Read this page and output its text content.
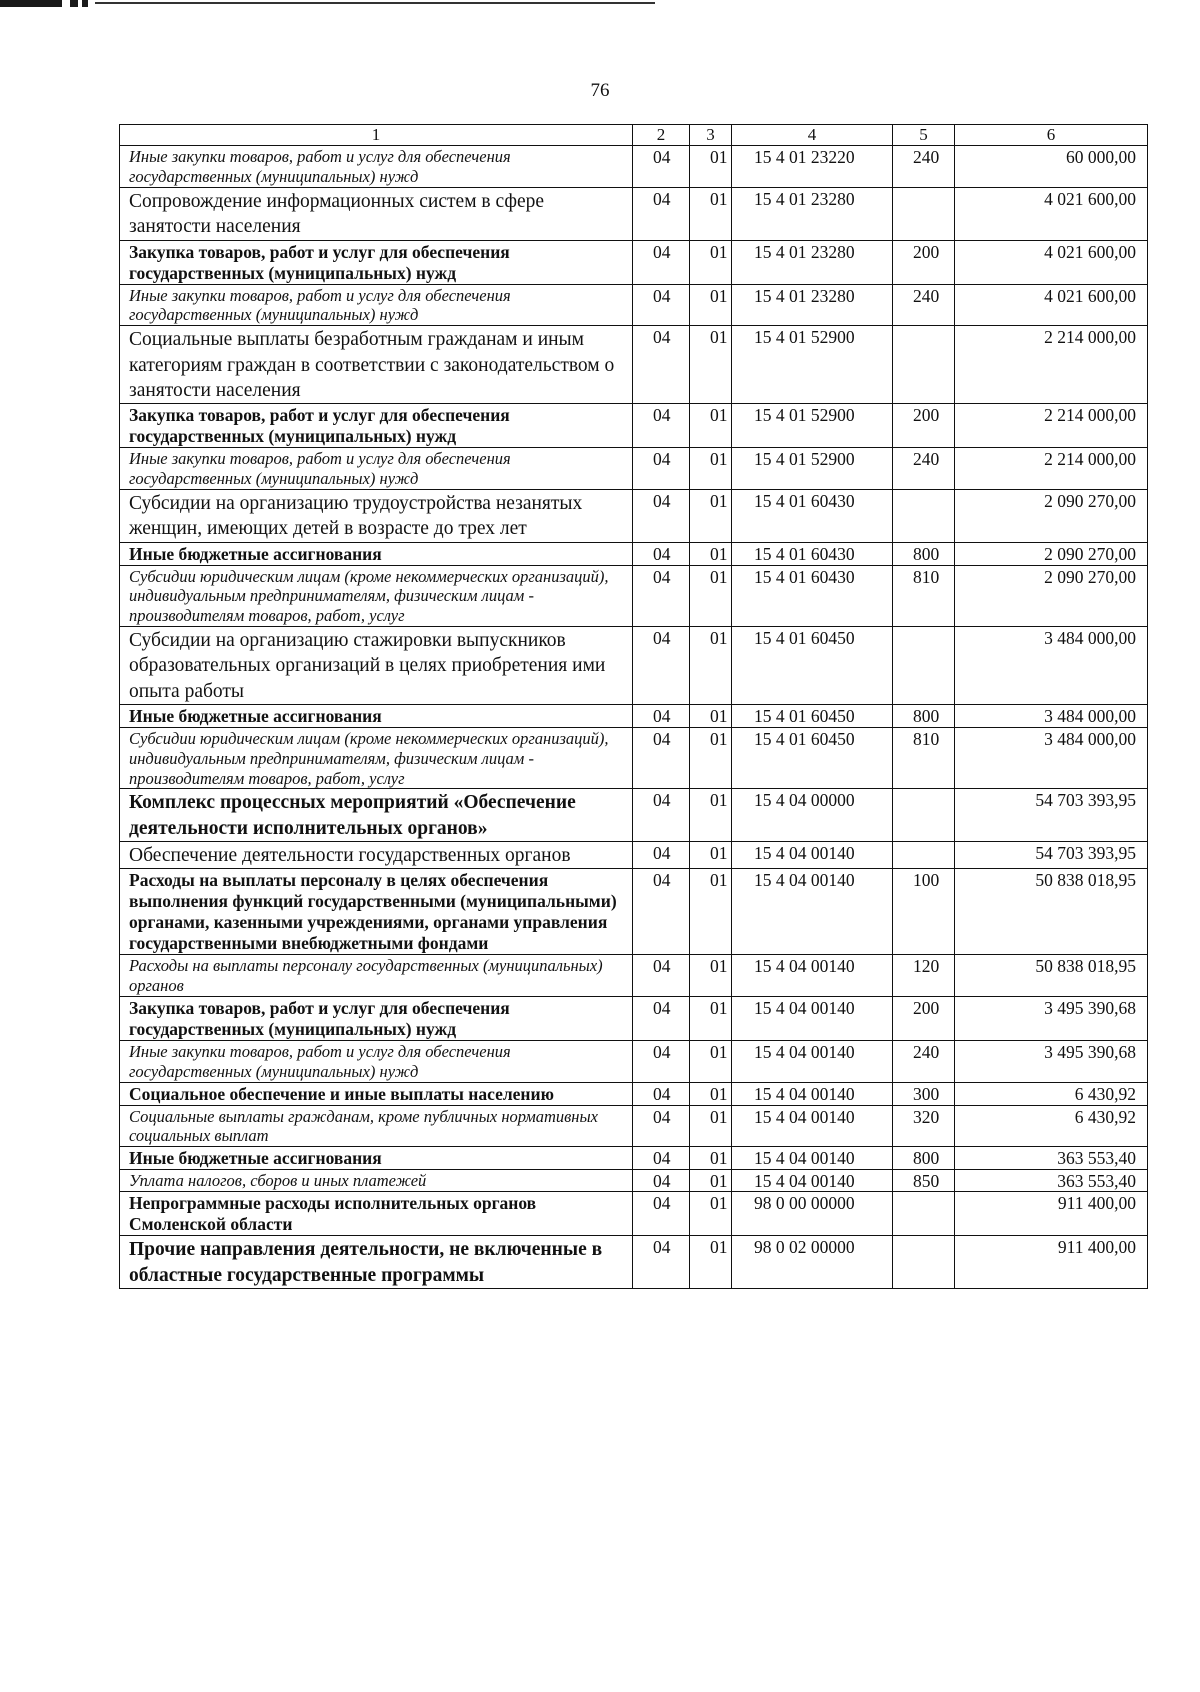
76
1	2	3	4	5	6
Иные закупки товаров, работ и услуг для обеспечения государственных (муниципальных) нужд	04	01	15 4 01 23220	240	60 000,00
Сопровождение информационных систем в сфере занятости населения	04	01	15 4 01 23280		4 021 600,00
Закупка товаров, работ и услуг для обеспечения государственных (муниципальных) нужд	04	01	15 4 01 23280	200	4 021 600,00
Иные закупки товаров, работ и услуг для обеспечения государственных (муниципальных) нужд	04	01	15 4 01 23280	240	4 021 600,00
Социальные выплаты безработным гражданам и иным категориям граждан в соответствии с законодательством о занятости населения	04	01	15 4 01 52900		2 214 000,00
Закупка товаров, работ и услуг для обеспечения государственных (муниципальных) нужд	04	01	15 4 01 52900	200	2 214 000,00
Иные закупки товаров, работ и услуг для обеспечения государственных (муниципальных) нужд	04	01	15 4 01 52900	240	2 214 000,00
Субсидии на организацию трудоустройства незанятых женщин, имеющих детей в возрасте до трех лет	04	01	15 4 01 60430		2 090 270,00
Иные бюджетные ассигнования	04	01	15 4 01 60430	800	2 090 270,00
Субсидии юридическим лицам (кроме некоммерческих организаций), индивидуальным предпринимателям, физическим лицам - производителям товаров, работ, услуг	04	01	15 4 01 60430	810	2 090 270,00
Субсидии на организацию стажировки выпускников образовательных организаций в целях приобретения ими опыта работы	04	01	15 4 01 60450		3 484 000,00
Иные бюджетные ассигнования	04	01	15 4 01 60450	800	3 484 000,00
Субсидии юридическим лицам (кроме некоммерческих организаций), индивидуальным предпринимателям, физическим лицам - производителям товаров, работ, услуг	04	01	15 4 01 60450	810	3 484 000,00
Комплекс процессных мероприятий «Обеспечение деятельности исполнительных органов»	04	01	15 4 04 00000		54 703 393,95
Обеспечение деятельности государственных органов	04	01	15 4 04 00140		54 703 393,95
Расходы на выплаты персоналу в целях обеспечения выполнения функций государственными (муниципальными) органами, казенными учреждениями, органами управления государственными внебюджетными фондами	04	01	15 4 04 00140	100	50 838 018,95
Расходы на выплаты персоналу государственных (муниципальных) органов	04	01	15 4 04 00140	120	50 838 018,95
Закупка товаров, работ и услуг для обеспечения государственных (муниципальных) нужд	04	01	15 4 04 00140	200	3 495 390,68
Иные закупки товаров, работ и услуг для обеспечения государственных (муниципальных) нужд	04	01	15 4 04 00140	240	3 495 390,68
Социальное обеспечение и иные выплаты населению	04	01	15 4 04 00140	300	6 430,92
Социальные выплаты гражданам, кроме публичных нормативных социальных выплат	04	01	15 4 04 00140	320	6 430,92
Иные бюджетные ассигнования	04	01	15 4 04 00140	800	363 553,40
Уплата налогов, сборов и иных платежей	04	01	15 4 04 00140	850	363 553,40
Непрограммные расходы исполнительных органов Смоленской области	04	01	98 0 00 00000		911 400,00
Прочие направления деятельности, не включенные в областные государственные программы	04	01	98 0 02 00000		911 400,00
